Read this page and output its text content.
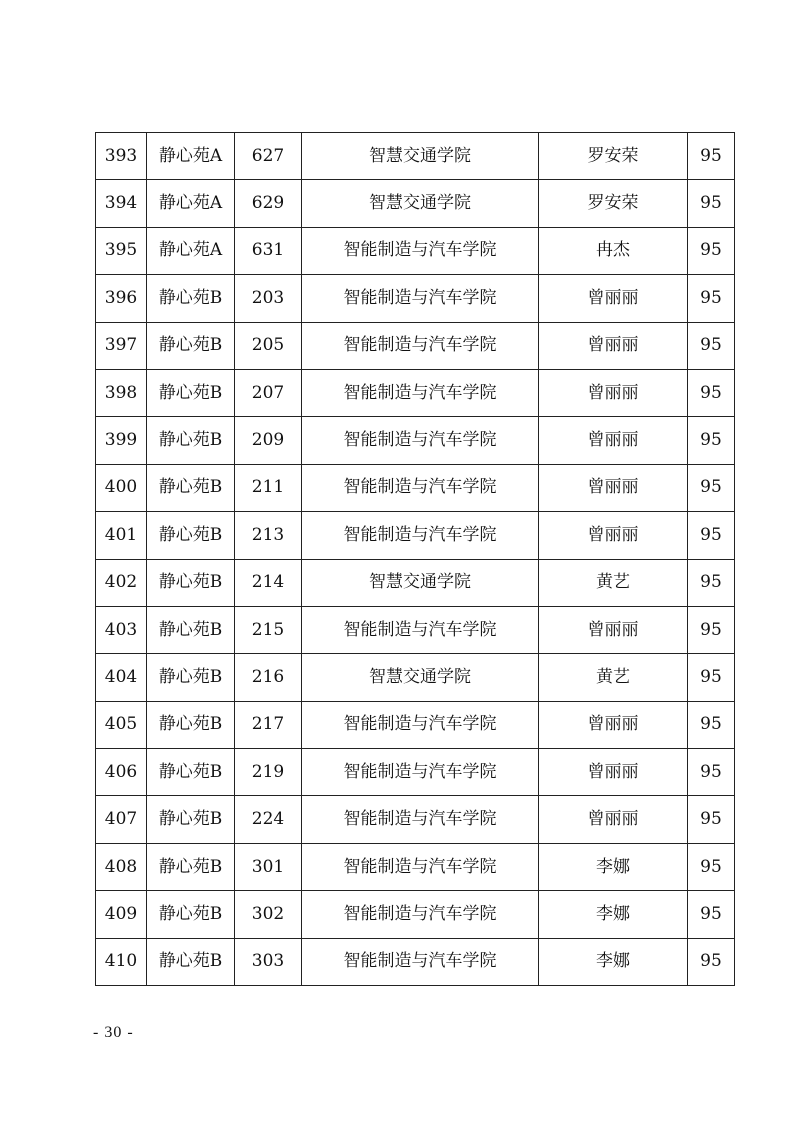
393	静心苑A	627	智慧交通学院	罗安荣	95
394	静心苑A	629	智慧交通学院	罗安荣	95
395	静心苑A	631	智能制造与汽车学院	冉杰	95
396	静心苑B	203	智能制造与汽车学院	曾丽丽	95
397	静心苑B	205	智能制造与汽车学院	曾丽丽	95
398	静心苑B	207	智能制造与汽车学院	曾丽丽	95
399	静心苑B	209	智能制造与汽车学院	曾丽丽	95
400	静心苑B	211	智能制造与汽车学院	曾丽丽	95
401	静心苑B	213	智能制造与汽车学院	曾丽丽	95
402	静心苑B	214	智慧交通学院	黄艺	95
403	静心苑B	215	智能制造与汽车学院	曾丽丽	95
404	静心苑B	216	智慧交通学院	黄艺	95
405	静心苑B	217	智能制造与汽车学院	曾丽丽	95
406	静心苑B	219	智能制造与汽车学院	曾丽丽	95
407	静心苑B	224	智能制造与汽车学院	曾丽丽	95
408	静心苑B	301	智能制造与汽车学院	李娜	95
409	静心苑B	302	智能制造与汽车学院	李娜	95
410	静心苑B	303	智能制造与汽车学院	李娜	95
- 30 -
